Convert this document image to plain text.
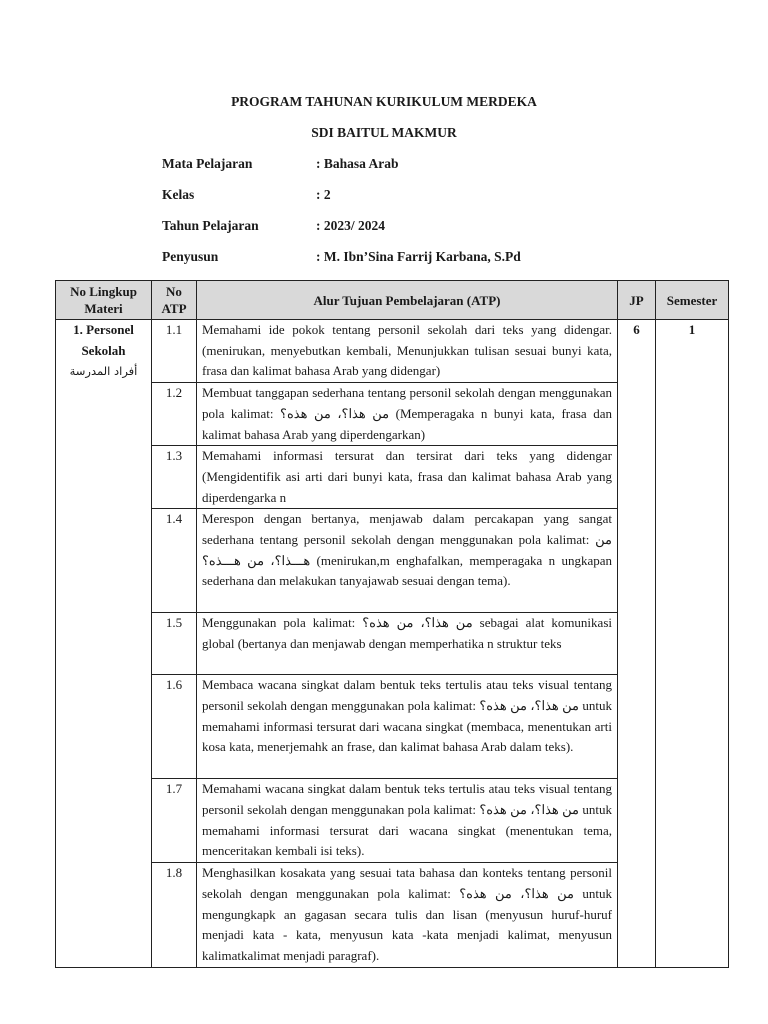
PROGRAM TAHUNAN KURIKULUM MERDEKA
SDI BAITUL MAKMUR
Mata Pelajaran	: Bahasa Arab
Kelas	: 2
Tahun Pelajaran	: 2023/ 2024
Penyusun	: M. Ibn’Sina Farrij Karbana, S.Pd
No Lingkup Materi	No ATP	Alur Tujuan Pembelajaran (ATP)	JP	Semester

1. Personel Sekolah
أفراد المدرسة	1.1	Memahami ide pokok tentang personil sekolah dari teks yang didengar. (menirukan, menyebutkan kembali, Menunjukkan tulisan sesuai bunyi kata, frasa dan kalimat bahasa Arab yang didengar)	6	1
	1.2	Membuat tanggapan sederhana tentang personil sekolah dengan menggunakan pola kalimat: من هذا؟، من هذه؟ (Memperagaka n bunyi kata, frasa dan kalimat bahasa Arab yang diperdengarkan)		
	1.3	Memahami informasi tersurat dan tersirat dari teks yang didengar (Mengidentifik asi arti dari bunyi kata, frasa dan kalimat bahasa Arab yang diperdengarka n		
	1.4	Merespon dengan bertanya, menjawab dalam percakapan yang sangat sederhana tentang personil sekolah dengan menggunakan pola kalimat: من هـــذا؟، من هـــذه؟ (menirukan,m enghafalkan, memperagaka n ungkapan sederhana dan melakukan tanyajawab sesuai dengan tema).		
	1.5	Menggunakan pola kalimat: من هذا؟، من هذه؟ sebagai alat komunikasi global (bertanya dan menjawab dengan memperhatika n struktur teks		
	1.6	Membaca wacana singkat dalam bentuk teks tertulis atau teks visual tentang personil sekolah dengan menggunakan pola kalimat: من هذا؟، من هذه؟ untuk memahami informasi tersurat dari wacana singkat (membaca, menentukan arti kosa kata, menerjemahk an frase, dan kalimat bahasa Arab dalam teks).		
	1.7	Memahami wacana singkat dalam bentuk teks tertulis atau teks visual tentang personil sekolah dengan menggunakan pola kalimat: من هذا؟، من هذه؟ untuk memahami informasi tersurat dari wacana singkat (menentukan tema, menceritakan kembali isi teks).		
	1.8	Menghasilkan kosakata yang sesuai tata bahasa dan konteks tentang personil sekolah dengan menggunakan pola kalimat: من هذا؟، من هذه؟ untuk mengungkapk an gagasan secara tulis dan lisan (menyusun huruf-huruf menjadi kata - kata, menyusun kata -kata menjadi kalimat, menyusun kalimatkalimat menjadi paragraf).		
